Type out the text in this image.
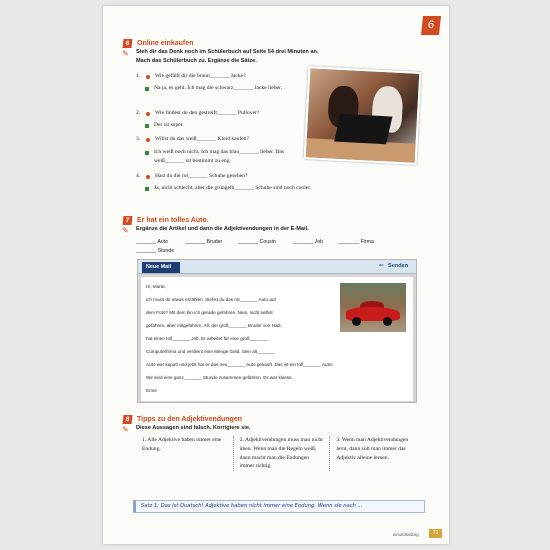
6
6	Online einkaufen
✎	Sieh dir das Denk noch im Schülerbuch auf Seite 54 drei Minuten an.
Mach das Schülerbuch zu. Ergänze die Sätze.
1.	Wie gefällt dir die braun_______ Jacke?
Na ja, es geht. Ich mag die schwarz_______ Jacke lieber.
2.	Wie findest du den gestreift_______ Pullover?
Der ist super.
3.	Willst du das weiß_______ Kleid kaufen?
Ich weiß noch nicht. Ich mag das blau_______ lieber. Das weiß_______ ist bestimmt zu eng.
4.	Hast du die rot_______ Schuhe gesehen?
Ja, nicht schlecht, aber die grüngelb_______ Schuhe sind noch cooler.
7	Er hat ein tolles Auto.
✎	Ergänze die Artikel und dann die Adjektivendungen in der E-Mail.
_______ Auto	_______ Bruder	_______ Cousin	_______ Job	_______ Firma
_______ Stunde
Neue Mail	⇐ Senden
Hi, Murat,
ich muss dir etwas erzählen. Siehst du das rot_______ Auto auf
dem Foto? Mit dem bin ich gerade gefahren. Nein, nicht selbst
gefahren, aber mitgefahren. All, der groß_______ Bruder von Haili,
hat einen toll_______ Job. Er arbeitet für eine groß_______
Computerfirma und verdient eine Menge Geld. Sein alt_______
Auto war kaputt und jetzt hat er das neu_______ Auto gekauft. Das ist ein toll_______ Auto!
Wir sind eine ganz_______ Stunde zusammen gefahren. Es war klasse.
Emre
8	Tipps zu den Adjektivendungen
✎	Diese Aussagen sind falsch. Korrigiere sie.
1. Alle Adjektive haben immer eine Endung.
2. Adjektivendungen muss man nicht üben. Wenn man die Regeln weiß, dann macht man die Endungen immer richtig.
3. Wenn man Adjektivendungen lernt, dann soll man immer das Adjektiv alleine lernen.
Satz 1: Das ist Quatsch! Adjektive haben nicht immer eine Endung. Wenn sie nach ...
einundsiebzig	71
